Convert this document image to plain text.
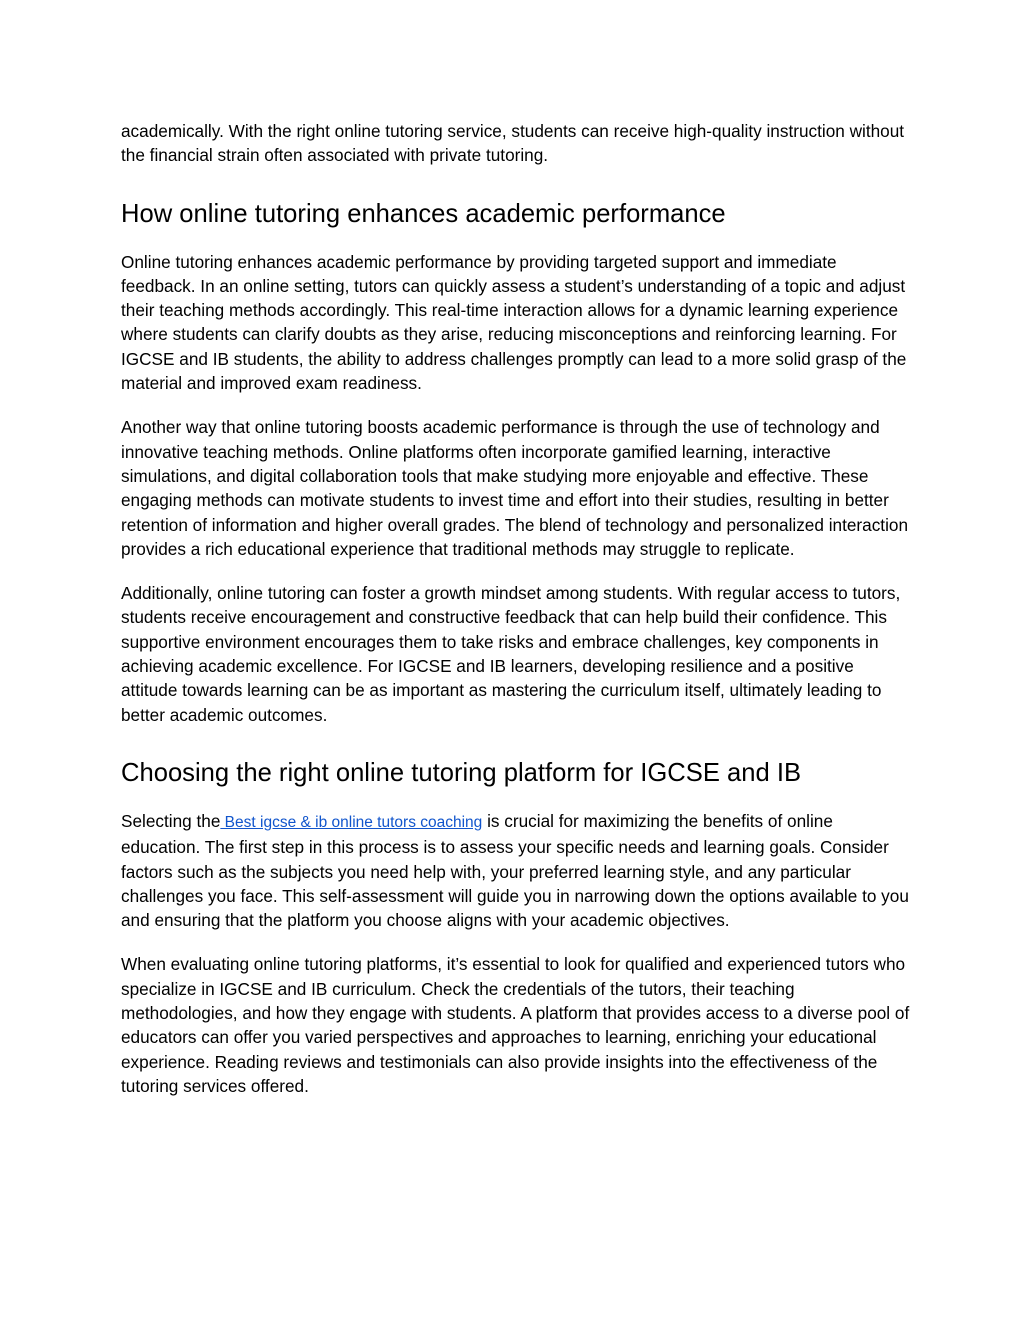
academically. With the right online tutoring service, students can receive high-quality instruction without the financial strain often associated with private tutoring.

How online tutoring enhances academic performance

Online tutoring enhances academic performance by providing targeted support and immediate feedback. In an online setting, tutors can quickly assess a student’s understanding of a topic and adjust their teaching methods accordingly. This real-time interaction allows for a dynamic learning experience where students can clarify doubts as they arise, reducing misconceptions and reinforcing learning. For IGCSE and IB students, the ability to address challenges promptly can lead to a more solid grasp of the material and improved exam readiness.

Another way that online tutoring boosts academic performance is through the use of technology and innovative teaching methods. Online platforms often incorporate gamified learning, interactive simulations, and digital collaboration tools that make studying more enjoyable and effective. These engaging methods can motivate students to invest time and effort into their studies, resulting in better retention of information and higher overall grades. The blend of technology and personalized interaction provides a rich educational experience that traditional methods may struggle to replicate.

Additionally, online tutoring can foster a growth mindset among students. With regular access to tutors, students receive encouragement and constructive feedback that can help build their confidence. This supportive environment encourages them to take risks and embrace challenges, key components in achieving academic excellence. For IGCSE and IB learners, developing resilience and a positive attitude towards learning can be as important as mastering the curriculum itself, ultimately leading to better academic outcomes.

Choosing the right online tutoring platform for IGCSE and IB

Selecting the Best igcse & ib online tutors coaching is crucial for maximizing the benefits of online education. The first step in this process is to assess your specific needs and learning goals. Consider factors such as the subjects you need help with, your preferred learning style, and any particular challenges you face. This self-assessment will guide you in narrowing down the options available to you and ensuring that the platform you choose aligns with your academic objectives.

When evaluating online tutoring platforms, it’s essential to look for qualified and experienced tutors who specialize in IGCSE and IB curriculum. Check the credentials of the tutors, their teaching methodologies, and how they engage with students. A platform that provides access to a diverse pool of educators can offer you varied perspectives and approaches to learning, enriching your educational experience. Reading reviews and testimonials can also provide insights into the effectiveness of the tutoring services offered.
